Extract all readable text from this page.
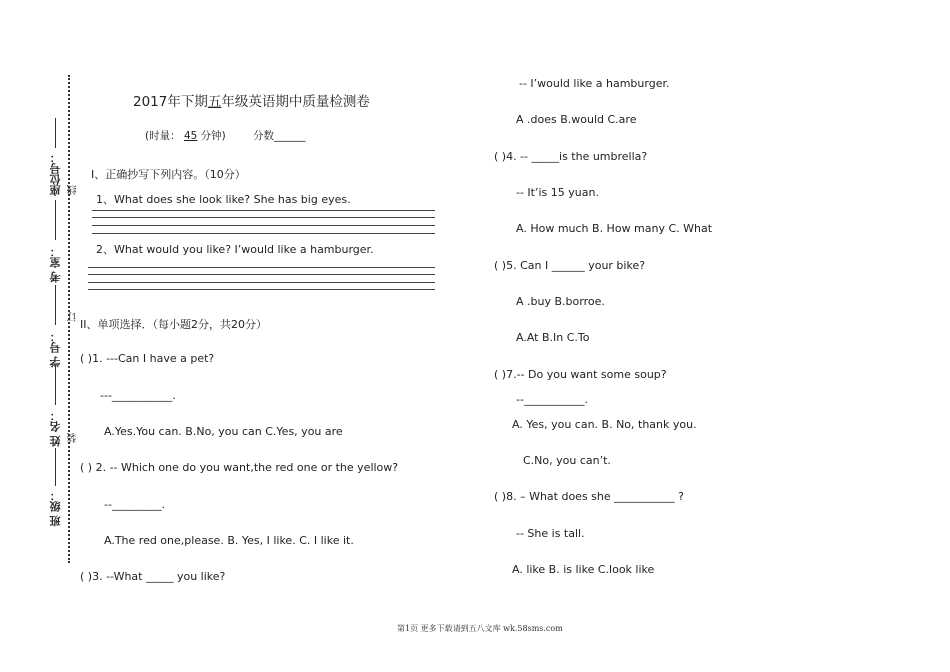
座位号：
考 室：
学 号：
姓 名：
班 级：
线
订
装
2017年下期五年级英语期中质量检测卷
(时量： 45 分钟)	分数______
I、正确抄写下列内容。（10分）
1、What does she look like? She has big eyes.
2、What would you like? I’would like a hamburger.
II、单项选择．（每小题2分，共20分）
( )1. ---Can I have a pet?
---___________.
A.Yes.You can. B.No, you can C.Yes, you are
( ) 2. -- Which one do you want,the red one or the yellow?
--_________.
A.The red one,please. B. Yes, I like. C. I like it.
( )3. --What _____ you like?
-- I’would like a hamburger.
A .does B.would C.are
( )4. -- _____is the umbrella?
-- It’is 15 yuan.
A. How much B. How many C. What
( )5. Can I ______ your bike?
A .buy B.borroe.
A.At B.In C.To
( )7.-- Do you want some soup?
--___________.
A. Yes, you can. B. No, thank you.
C.No, you can’t.
( )8. – What does she ___________ ?
-- She is tall.
A. like B. is like C.look like
第1页 更多下载请到五八文库 wk.58sms.com
